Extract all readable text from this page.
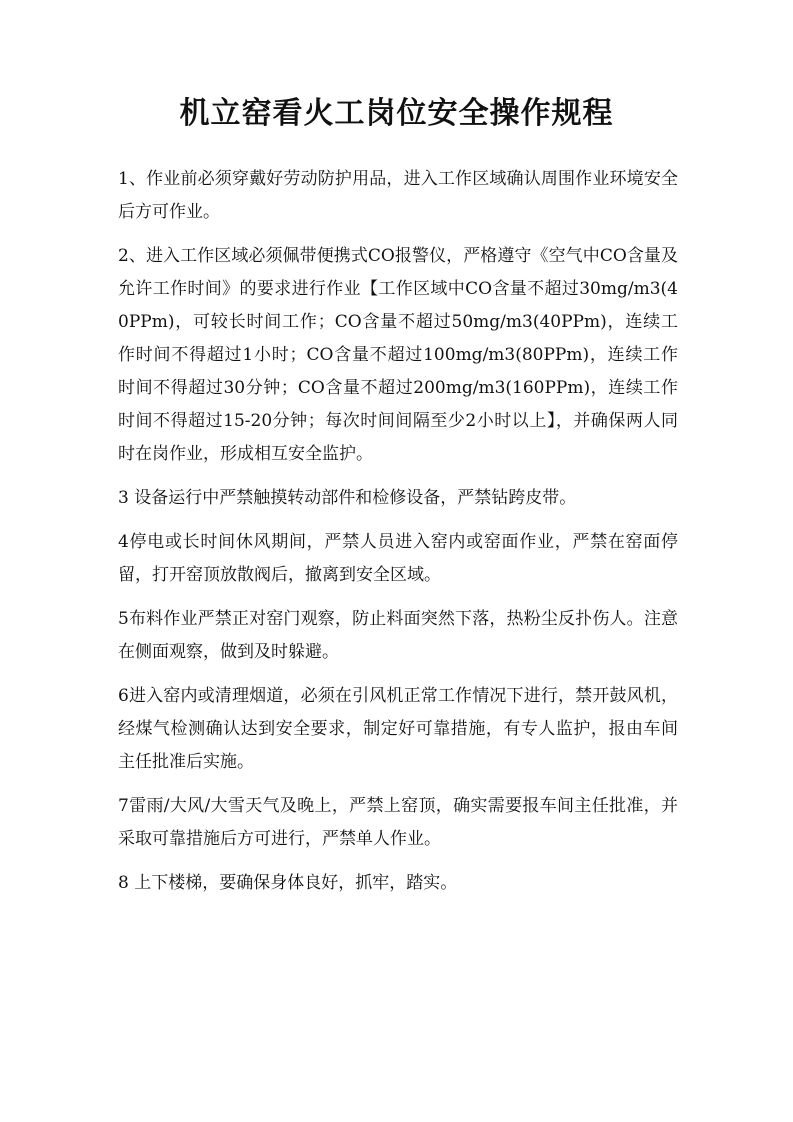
机立窑看火工岗位安全操作规程

1、作业前必须穿戴好劳动防护用品，进入工作区域确认周围作业环境安全后方可作业。

2、进入工作区域必须佩带便携式CO报警仪，严格遵守《空气中CO含量及允许工作时间》的要求进行作业【工作区域中CO含量不超过30mg/m3(40PPm)，可较长时间工作；CO含量不超过50mg/m3(40PPm)，连续工作时间不得超过1小时；CO含量不超过100mg/m3(80PPm)，连续工作时间不得超过30分钟；CO含量不超过200mg/m3(160PPm)，连续工作时间不得超过15-20分钟；每次时间间隔至少2小时以上】，并确保两人同时在岗作业，形成相互安全监护。

3 设备运行中严禁触摸转动部件和检修设备，严禁钻跨皮带。

4停电或长时间休风期间，严禁人员进入窑内或窑面作业，严禁在窑面停留，打开窑顶放散阀后，撤离到安全区域。

5布料作业严禁正对窑门观察，防止料面突然下落，热粉尘反扑伤人。注意在侧面观察，做到及时躲避。

6进入窑内或清理烟道，必须在引风机正常工作情况下进行，禁开鼓风机，经煤气检测确认达到安全要求，制定好可靠措施，有专人监护，报由车间主任批准后实施。

7雷雨/大风/大雪天气及晚上，严禁上窑顶，确实需要报车间主任批准，并采取可靠措施后方可进行，严禁单人作业。

8 上下楼梯，要确保身体良好，抓牢，踏实。
